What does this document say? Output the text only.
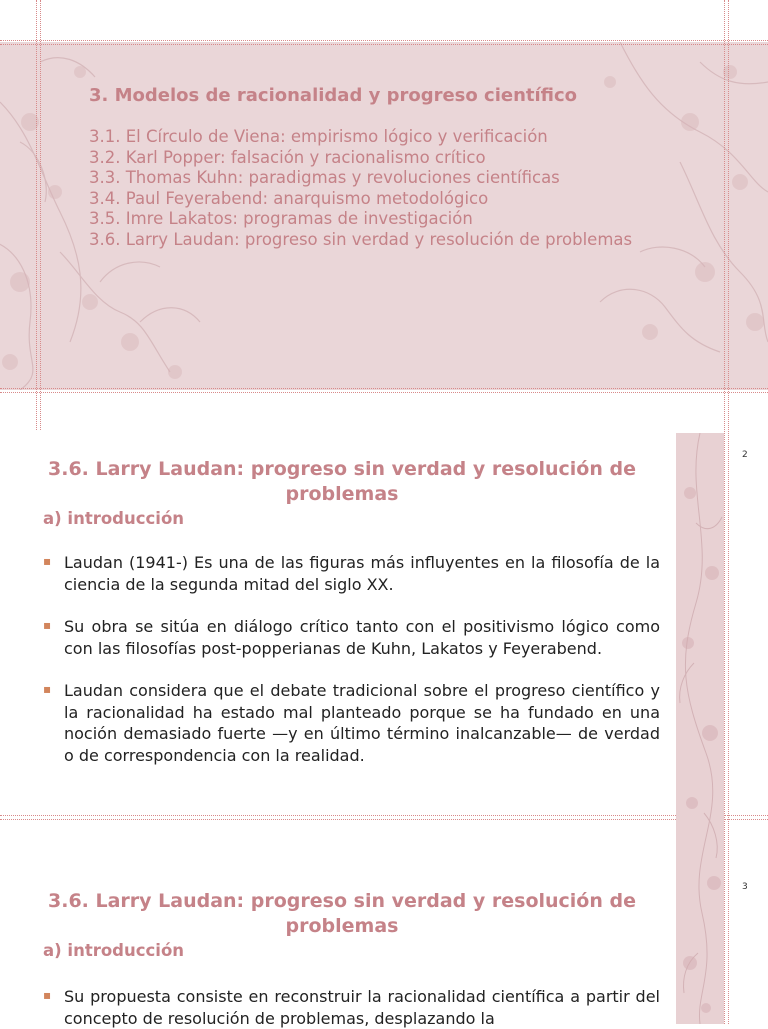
3. Modelos de racionalidad y progreso científico
3.1. El Círculo de Viena: empirismo lógico y verificación
3.2. Karl Popper: falsación y racionalismo crítico
3.3. Thomas Kuhn: paradigmas y revoluciones científicas
3.4. Paul Feyerabend: anarquismo metodológico
3.5. Imre Lakatos: programas de investigación
3.6. Larry Laudan: progreso sin verdad y resolución de problemas
2
3.6. Larry Laudan: progreso sin verdad y resolución de problemas
a) introducción
▪ Laudan (1941-) Es una de las figuras más influyentes en la filosofía de la ciencia de la segunda mitad del siglo XX.
▪ Su obra se sitúa en diálogo crítico tanto con el positivismo lógico como con las filosofías post-popperianas de Kuhn, Lakatos y Feyerabend.
▪ Laudan considera que el debate tradicional sobre el progreso científico y la racionalidad ha estado mal planteado porque se ha fundado en una noción demasiado fuerte —y en último término inalcanzable— de verdad o de correspondencia con la realidad.
3
3.6. Larry Laudan: progreso sin verdad y resolución de problemas
a) introducción
▪ Su propuesta consiste en reconstruir la racionalidad científica a partir del concepto de resolución de problemas, desplazando la
